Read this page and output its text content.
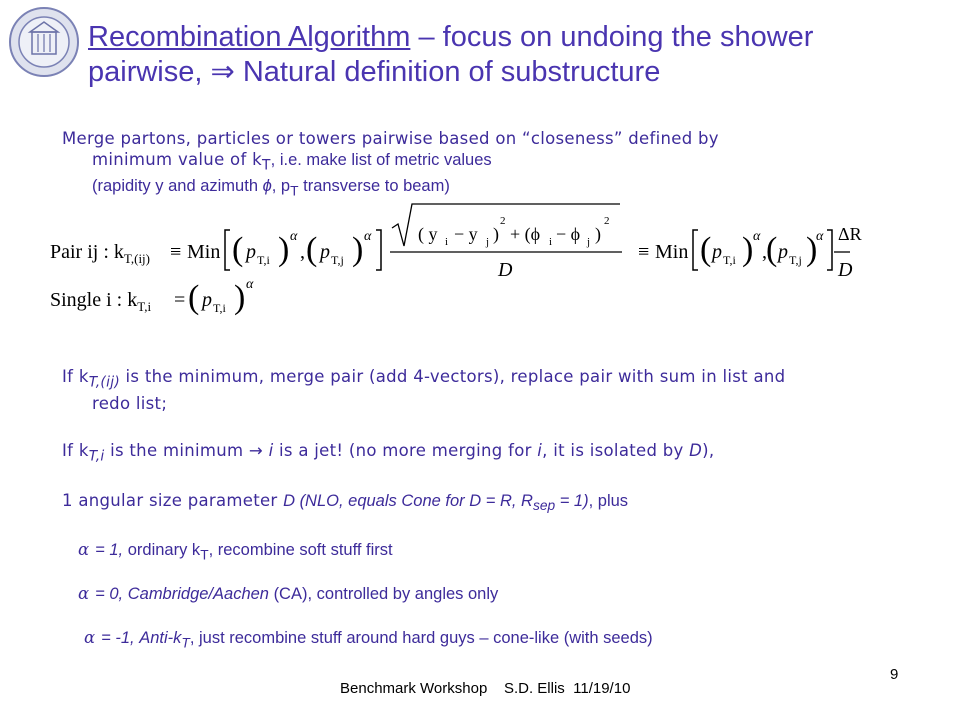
Recombination Algorithm – focus on undoing the shower
pairwise, ⇒ Natural definition of substructure
Merge partons, particles or towers pairwise based on “closeness” defined by
minimum value of $k_T$, i.e. make list of metric values
(rapidity y and azimuth ϕ, $p_T$ transverse to beam)
Pair ij : $k_{T,(ij)}$ ≡ Min ( p T,i ) α
, ( p T,j ) α	( y i − y j )
2
+ (ϕ i − ϕ j )
2
D
≡ Min ( p T,i ) α
, ( p T,j )
α ΔR
D
Single i : $k_{T,i}$ = ( p T,i ) α
If $k_{T,(ij)}$ is the minimum, merge pair (add 4-vectors), replace pair with sum in list and
redo list;
If $k_{T,i}$ is the minimum → i is a jet! (no more merging for i, it is isolated by D),
1 angular size parameter D (NLO, equals Cone for D = R, $R_{sep} = 1$), plus
α = 1, ordinary $k_T$, recombine soft stuff first
α = 0, Cambridge/Aachen (CA), controlled by angles only
α = -1, Anti-$k_T$, just recombine stuff around hard guys – cone-like (with seeds)
Benchmark Workshop    S.D. Ellis  11/19/10
9
